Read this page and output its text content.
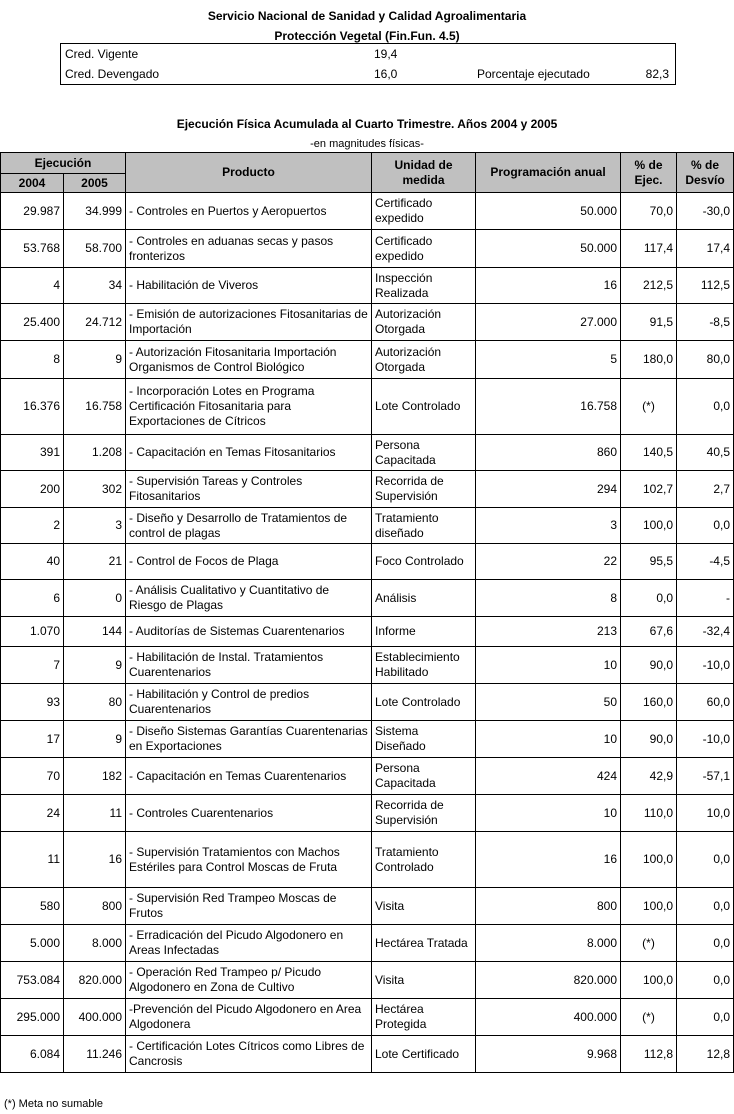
Servicio Nacional de Sanidad y Calidad Agroalimentaria
Protección Vegetal (Fin.Fun. 4.5)
Cred. Vigente	19,4
Cred. Devengado	16,0	Porcentaje ejecutado	82,3
Ejecución Física Acumulada al Cuarto Trimestre. Años 2004 y 2005
-en magnitudes físicas-
Ejecución		Producto	Unidad de medida	Programación anual	% de Ejec.	% de Desvío
2004	2005					
29.987	34.999	- Controles en Puertos y Aeropuertos	Certificado expedido	50.000	70,0	-30,0
53.768	58.700	- Controles en aduanas secas y pasos fronterizos	Certificado expedido	50.000	117,4	17,4
4	34	- Habilitación de Viveros	Inspección Realizada	16	212,5	112,5
25.400	24.712	- Emisión de autorizaciones Fitosanitarias de Importación	Autorización Otorgada	27.000	91,5	-8,5
8	9	- Autorización Fitosanitaria Importación Organismos de Control Biológico	Autorización Otorgada	5	180,0	80,0
16.376	16.758	- Incorporación Lotes en Programa Certificación Fitosanitaria para Exportaciones de Cítricos	Lote Controlado	16.758	(*)	0,0
391	1.208	- Capacitación en Temas Fitosanitarios	Persona Capacitada	860	140,5	40,5
200	302	- Supervisión Tareas y Controles Fitosanitarios	Recorrida de Supervisión	294	102,7	2,7
2	3	- Diseño y Desarrollo de Tratamientos de control de plagas	Tratamiento diseñado	3	100,0	0,0
40	21	- Control de Focos de Plaga	Foco Controlado	22	95,5	-4,5
6	0	- Análisis Cualitativo y Cuantitativo de Riesgo de Plagas	Análisis	8	0,0	-
1.070	144	- Auditorías de Sistemas Cuarentenarios	Informe	213	67,6	-32,4
7	9	- Habilitación de Instal. Tratamientos Cuarentenarios	Establecimiento Habilitado	10	90,0	-10,0
93	80	- Habilitación y Control de predios Cuarentenarios	Lote Controlado	50	160,0	60,0
17	9	- Diseño Sistemas Garantías Cuarentenarias en Exportaciones	Sistema Diseñado	10	90,0	-10,0
70	182	- Capacitación en Temas Cuarentenarios	Persona Capacitada	424	42,9	-57,1
24	11	- Controles Cuarentenarios	Recorrida de Supervisión	10	110,0	10,0
11	16	- Supervisión Tratamientos con Machos Estériles para Control Moscas de Fruta	Tratamiento Controlado	16	100,0	0,0
580	800	- Supervisión Red Trampeo Moscas de Frutos	Visita	800	100,0	0,0
5.000	8.000	- Erradicación del Picudo Algodonero en Areas Infectadas	Hectárea Tratada	8.000	(*)	0,0
753.084	820.000	- Operación Red Trampeo p/ Picudo Algodonero en Zona de Cultivo	Visita	820.000	100,0	0,0
295.000	400.000	-Prevención del Picudo Algodonero en Area Algodonera	Hectárea Protegida	400.000	(*)	0,0
6.084	11.246	- Certificación Lotes Cítricos como Libres de Cancrosis	Lote Certificado	9.968	112,8	12,8
(*) Meta no sumable
